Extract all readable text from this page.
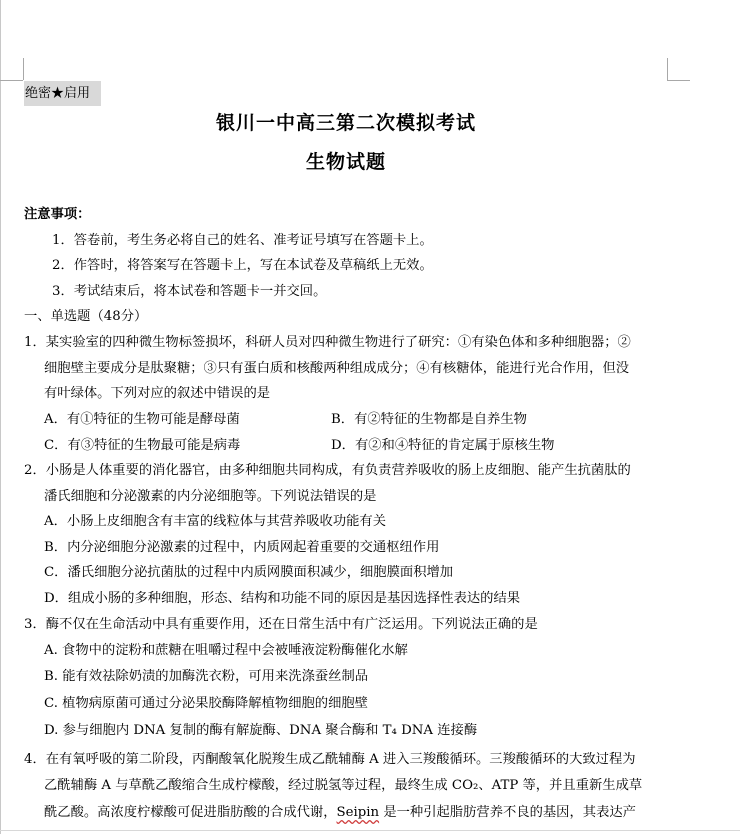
绝密★启用
银川一中高三第二次模拟考试
生物试题
注意事项：
1．答卷前，考生务必将自己的姓名、准考证号填写在答题卡上。
2．作答时，将答案写在答题卡上，写在本试卷及草稿纸上无效。
3．考试结束后，将本试卷和答题卡一并交回。
一、单选题（48分）
1．某实验室的四种微生物标签损坏，科研人员对四种微生物进行了研究：①有染色体和多种细胞器；②
细胞壁主要成分是肽聚糖；③只有蛋白质和核酸两种组成成分；④有核糖体，能进行光合作用，但没
有叶绿体。下列对应的叙述中错误的是
A．有①特征的生物可能是酵母菌	B．有②特征的生物都是自养生物
C．有③特征的生物最可能是病毒	D．有②和④特征的肯定属于原核生物
2．小肠是人体重要的消化器官，由多种细胞共同构成，有负责营养吸收的肠上皮细胞、能产生抗菌肽的
潘氏细胞和分泌激素的内分泌细胞等。下列说法错误的是
A．小肠上皮细胞含有丰富的线粒体与其营养吸收功能有关
B．内分泌细胞分泌激素的过程中，内质网起着重要的交通枢纽作用
C．潘氏细胞分泌抗菌肽的过程中内质网膜面积减少，细胞膜面积增加
D．组成小肠的多种细胞，形态、结构和功能不同的原因是基因选择性表达的结果
3．酶不仅在生命活动中具有重要作用，还在日常生活中有广泛运用。下列说法正确的是
A. 食物中的淀粉和蔗糖在咀嚼过程中会被唾液淀粉酶催化水解
B. 能有效祛除奶渍的加酶洗衣粉，可用来洗涤蚕丝制品
C. 植物病原菌可通过分泌果胶酶降解植物细胞的细胞壁
D. 参与细胞内 DNA 复制的酶有解旋酶、DNA 聚合酶和 T₄ DNA 连接酶
4．在有氧呼吸的第二阶段，丙酮酸氧化脱羧生成乙酰辅酶 A 进入三羧酸循环。三羧酸循环的大致过程为
乙酰辅酶 A 与草酰乙酸缩合生成柠檬酸，经过脱氢等过程，最终生成 CO₂、ATP 等，并且重新生成草
酰乙酸。高浓度柠檬酸可促进脂肪酸的合成代谢，Seipin 是一种引起脂肪营养不良的基因，其表达产
